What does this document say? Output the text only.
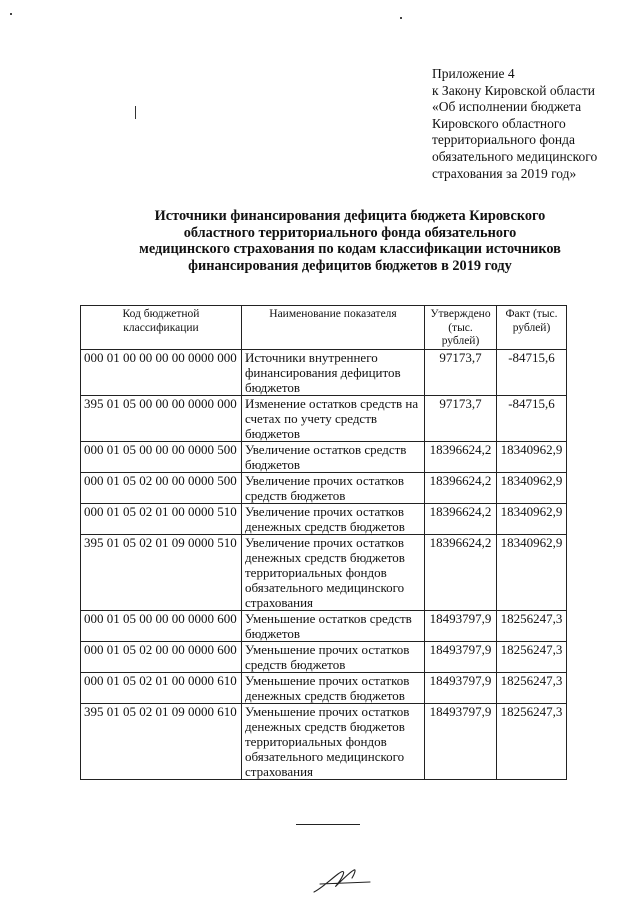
Приложение 4
к Закону Кировской области
«Об исполнении бюджета
Кировского областного
территориального фонда
обязательного медицинского
страхования за 2019 год»
Источники финансирования дефицита бюджета Кировского
областного территориального фонда обязательного
медицинского страхования по кодам классификации источников
финансирования дефицитов бюджетов в 2019 году
Код бюджетной классификации	Наименование показателя	Утверждено (тыс. рублей)	Факт (тыс. рублей)
000 01 00 00 00 00 0000 000	Источники внутреннего финансирования дефицитов бюджетов	97173,7	-84715,6
395 01 05 00 00 00 0000 000	Изменение остатков средств на счетах по учету средств бюджетов	97173,7	-84715,6
000 01 05 00 00 00 0000 500	Увеличение остатков средств бюджетов	18396624,2	18340962,9
000 01 05 02 00 00 0000 500	Увеличение прочих остатков средств бюджетов	18396624,2	18340962,9
000 01 05 02 01 00 0000 510	Увеличение прочих остатков денежных средств бюджетов	18396624,2	18340962,9
395 01 05 02 01 09 0000 510	Увеличение прочих остатков денежных средств бюджетов территориальных фондов обязательного медицинского страхования	18396624,2	18340962,9
000 01 05 00 00 00 0000 600	Уменьшение остатков средств бюджетов	18493797,9	18256247,3
000 01 05 02 00 00 0000 600	Уменьшение прочих остатков средств бюджетов	18493797,9	18256247,3
000 01 05 02 01 00 0000 610	Уменьшение прочих остатков денежных средств бюджетов	18493797,9	18256247,3
395 01 05 02 01 09 0000 610	Уменьшение прочих остатков денежных средств бюджетов территориальных фондов обязательного медицинского страхования	18493797,9	18256247,3
